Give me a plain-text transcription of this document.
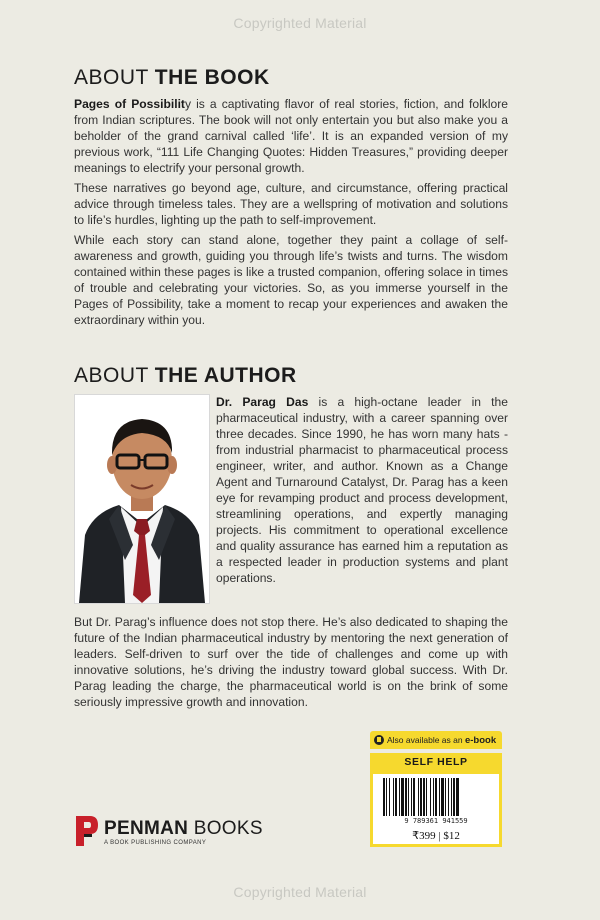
Copyrighted Material
ABOUT THE BOOK

Pages of Possibility is a captivating flavor of real stories, fiction, and folklore from Indian scriptures. The book will not only entertain you but also make you a beholder of the grand carnival called ‘life’. It is an expanded version of my previous work, “111 Life Changing Quotes: Hidden Treasures,” providing deeper meanings to electrify your personal growth.

These narratives go beyond age, culture, and circumstance, offering practical advice through timeless tales. They are a wellspring of motivation and solutions to life’s hurdles, lighting up the path to self-improvement.

While each story can stand alone, together they paint a collage of self-awareness and growth, guiding you through life’s twists and turns. The wisdom contained within these pages is like a trusted companion, offering solace in times of trouble and celebrating your victories. So, as you immerse yourself in the Pages of Possibility, take a moment to recap your experiences and awaken the extraordinary within you.

ABOUT THE AUTHOR

Dr. Parag Das is a high-octane leader in the pharmaceutical industry, with a career spanning over three decades. Since 1990, he has worn many hats - from industrial pharmacist to pharmaceutical process engineer, writer, and author. Known as a Change Agent and Turnaround Catalyst, Dr. Parag has a keen eye for revamping product and process development, streamlining operations, and expertly managing projects. His commitment to operational excellence and quality assurance has earned him a reputation as a respected leader in production systems and plant operations.

But Dr. Parag’s influence does not stop there. He’s also dedicated to shaping the future of the Indian pharmaceutical industry by mentoring the next generation of leaders. Self-driven to surf over the tide of challenges and come up with innovative solutions, he’s driving the industry toward global success. With Dr. Parag leading the charge, the pharmaceutical world is on the brink of some seriously impressive growth and innovation.

Also available as an e-book
SELF HELP
9 789361 941559
₹399 | $12
PENMAN BOOKS
A BOOK PUBLISHING COMPANY
Copyrighted Material
